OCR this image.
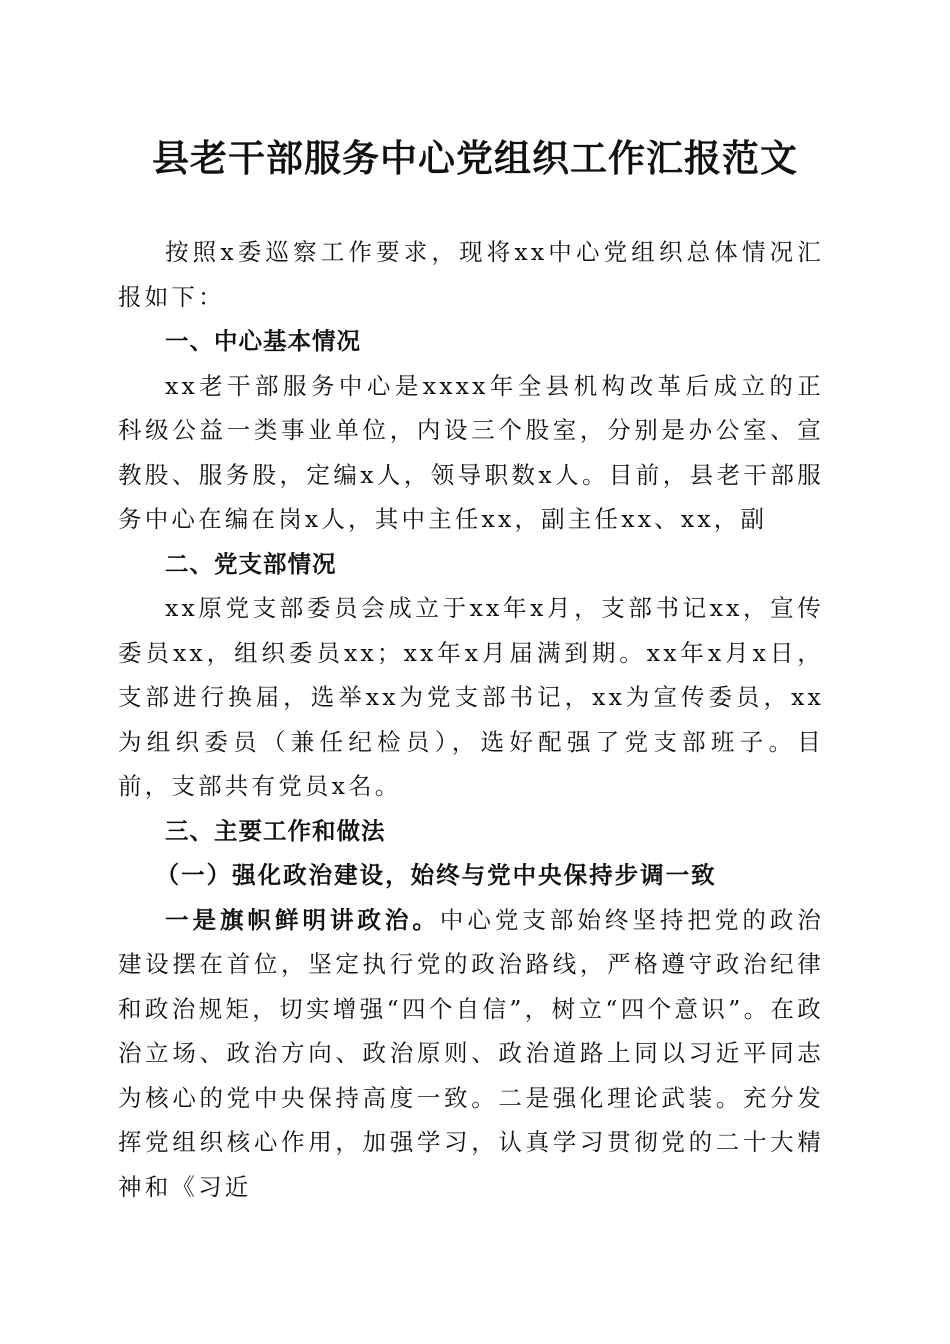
县老干部服务中心党组织工作汇报范文

按照x委巡察工作要求，现将xx中心党组织总体情况汇报如下：

一、中心基本情况

xx老干部服务中心是xxxx年全县机构改革后成立的正科级公益一类事业单位，内设三个股室，分别是办公室、宣教股、服务股，定编x人，领导职数x人。目前，县老干部服务中心在编在岗x人，其中主任xx，副主任xx、xx，副

二、党支部情况

xx原党支部委员会成立于xx年x月，支部书记xx，宣传委员xx，组织委员xx；xx年x月届满到期。xx年x月x日，支部进行换届，选举xx为党支部书记，xx为宣传委员，xx为组织委员（兼任纪检员），选好配强了党支部班子。目前，支部共有党员x名。

三、主要工作和做法

（一）强化政治建设，始终与党中央保持步调一致

一是旗帜鲜明讲政治。中心党支部始终坚持把党的政治建设摆在首位，坚定执行党的政治路线，严格遵守政治纪律和政治规矩，切实增强“四个自信”，树立“四个意识”。在政治立场、政治方向、政治原则、政治道路上同以习近平同志为核心的党中央保持高度一致。二是强化理论武装。充分发挥党组织核心作用，加强学习，认真学习贯彻党的二十大精神和《习近
